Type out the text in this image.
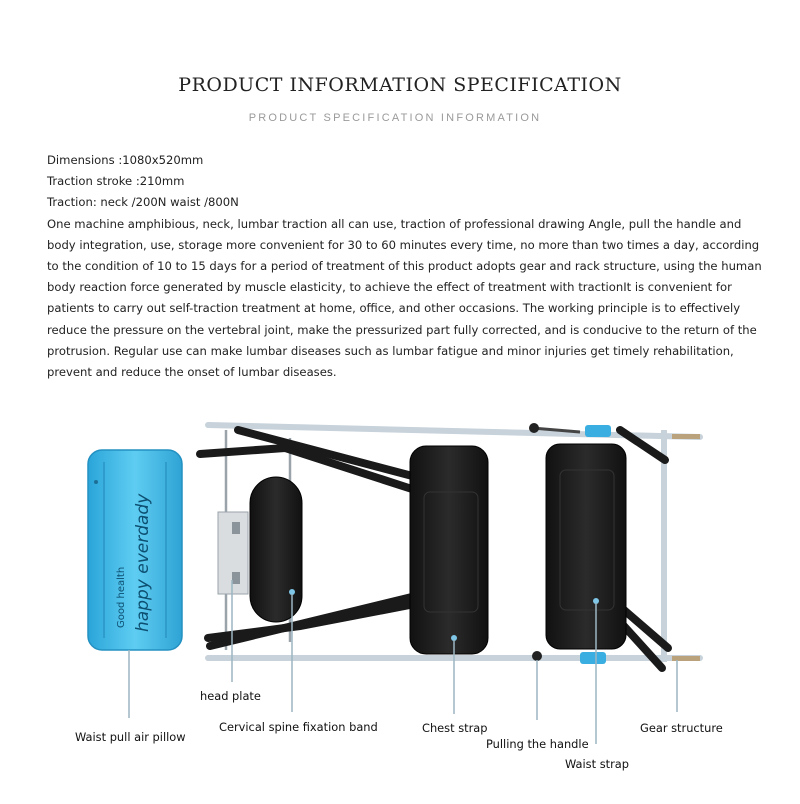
PRODUCT INFORMATION SPECIFICATION
PRODUCT SPECIFICATION INFORMATION

Dimensions :1080x520mm

Traction stroke :210mm

Traction: neck /200N waist /800N

One machine amphibious, neck, lumbar traction all can use, traction of professional drawing Angle, pull the handle and body integration, use, storage more convenient for 30 to 60 minutes every time, no more than two times a day, according to the condition of 10 to 15 days for a period of treatment of this product adopts gear and rack structure, using the human body reaction force generated by muscle elasticity, to achieve the effect of treatment with tractionIt is convenient for patients to carry out self-traction treatment at home, office, and other occasions. The working principle is to effectively reduce the pressure on the vertebral joint, make the pressurized part fully corrected, and is conducive to the return of the protrusion. Regular use can make lumbar diseases such as lumbar fatigue and minor injuries get timely rehabilitation, prevent and reduce the onset of lumbar diseases.

Good health happy everdady
head plate
Waist pull air pillow
Cervical spine fixation band	Chest strap
Pulling the handle
Gear structure
Waist strap
